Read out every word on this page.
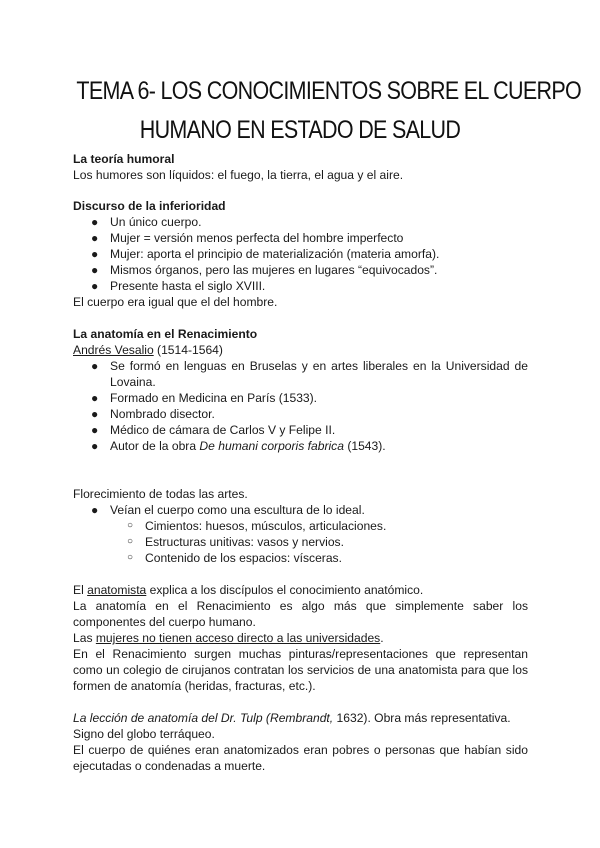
TEMA 6- LOS CONOCIMIENTOS SOBRE EL CUERPO
HUMANO EN ESTADO DE SALUD
La teoría humoral
Los humores son líquidos: el fuego, la tierra, el agua y el aire.
Discurso de la inferioridad
● Un único cuerpo.
● Mujer = versión menos perfecta del hombre imperfecto
● Mujer: aporta el principio de materialización (materia amorfa).
● Mismos órganos, pero las mujeres en lugares “equivocados”.
● Presente hasta el siglo XVIII.
El cuerpo era igual que el del hombre.
La anatomía en el Renacimiento
Andrés Vesalio (1514-1564)
● Se formó en lenguas en Bruselas y en artes liberales en la Universidad de
Lovaina.
● Formado en Medicina en París (1533).
● Nombrado disector.
● Médico de cámara de Carlos V y Felipe II.
● Autor de la obra De humani corporis fabrica (1543).
Florecimiento de todas las artes.
● Veían el cuerpo como una escultura de lo ideal.
○ Cimientos: huesos, músculos, articulaciones.
○ Estructuras unitivas: vasos y nervios.
○ Contenido de los espacios: vísceras.
El anatomista explica a los discípulos el conocimiento anatómico.
La anatomía en el Renacimiento es algo más que simplemente saber los
componentes del cuerpo humano.
Las mujeres no tienen acceso directo a las universidades.
En el Renacimiento surgen muchas pinturas/representaciones que representan
como un colegio de cirujanos contratan los servicios de una anatomista para que los
formen de anatomía (heridas, fracturas, etc.).
La lección de anatomía del Dr. Tulp (Rembrandt, 1632). Obra más representativa.
Signo del globo terráqueo.
El cuerpo de quiénes eran anatomizados eran pobres o personas que habían sido
ejecutadas o condenadas a muerte.
